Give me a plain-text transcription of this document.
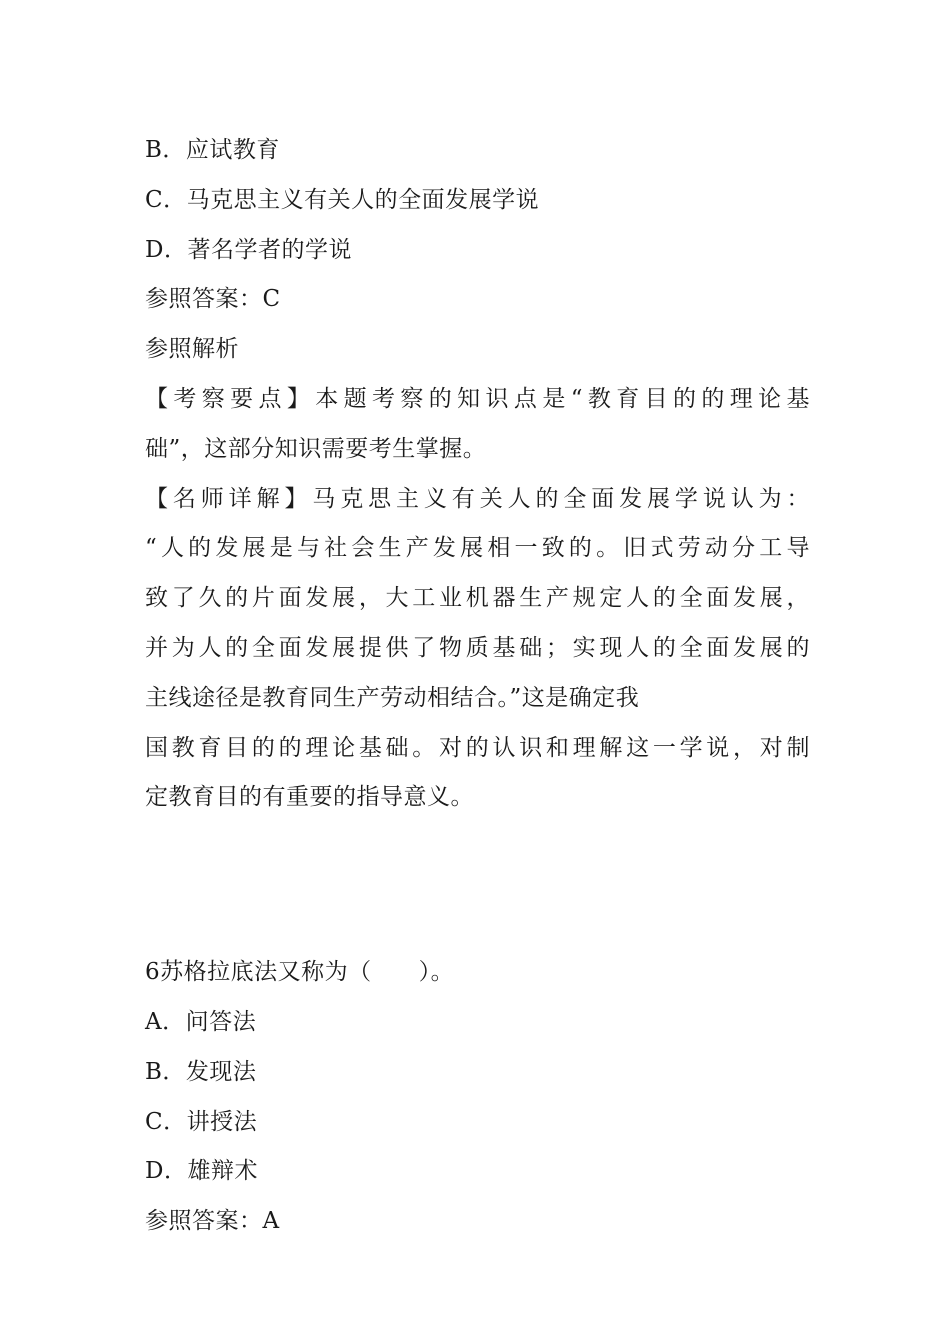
B．应试教育
C．马克思主义有关人的全面发展学说
D．著名学者的学说
参照答案：C
参照解析
【考察要点】本题考察的知识点是“教育目的的理论基
础”，这部分知识需要考生掌握。
【名师详解】马克思主义有关人的全面发展学说认为：
“人的发展是与社会生产发展相一致的。旧式劳动分工导
致了久的片面发展，大工业机器生产规定人的全面发展，
并为人的全面发展提供了物质基础；实现人的全面发展的
主线途径是教育同生产劳动相结合。”这是确定我
国教育目的的理论基础。对的认识和理解这一学说，对制
定教育目的有重要的指导意义。
6苏格拉底法又称为（　　）。
A．问答法
B．发现法
C．讲授法
D．雄辩术
参照答案：A
